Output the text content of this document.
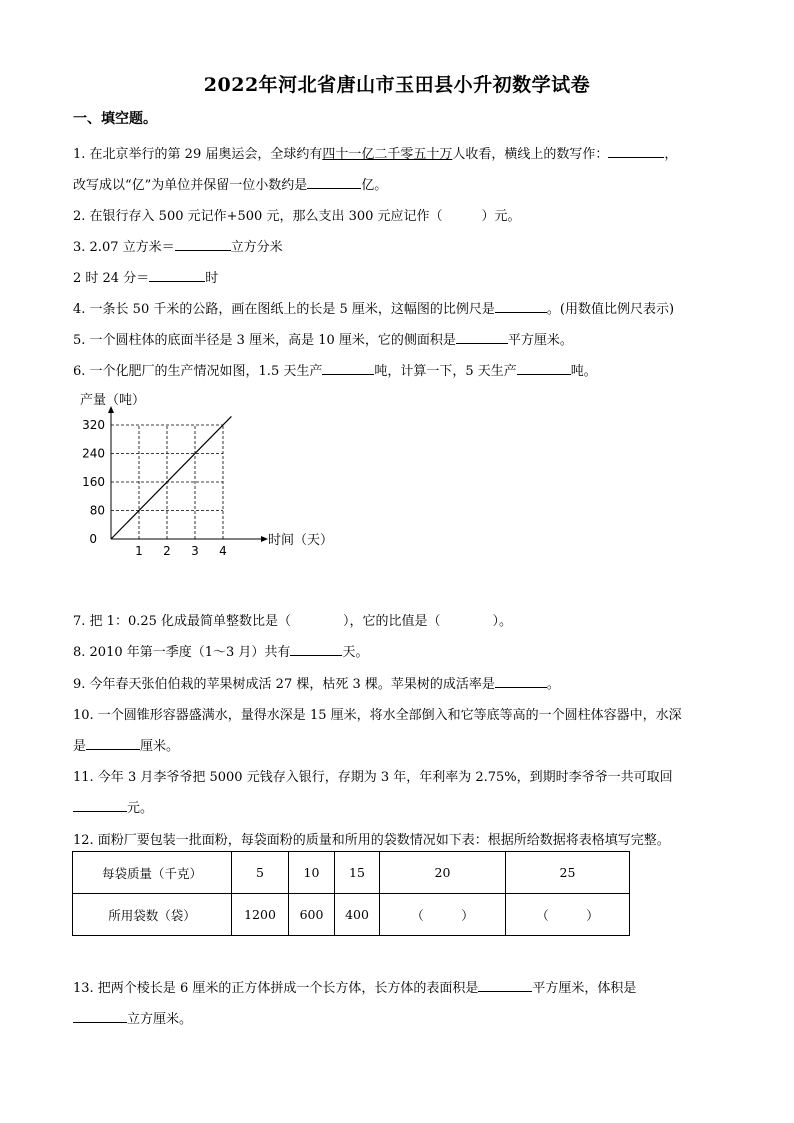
2022年河北省唐山市玉田县小升初数学试卷
一、填空题。
1. 在北京举行的第 29 届奥运会，全球约有四十一亿二千零五十万人收看，横线上的数写作：	，
改写成以“亿”为单位并保留一位小数约是	亿。
2. 在银行存入 500 元记作+500 元，那么支出 300 元应记作（　　　）元。
3. 2.07 立方米＝	立方分米
2 时 24 分＝	时
4. 一条长 50 千米的公路，画在图纸上的长是 5 厘米，这幅图的比例尺是	。(用数值比例尺表示)
5. 一个圆柱体的底面半径是 3 厘米，高是 10 厘米，它的侧面积是	平方厘米。
6. 一个化肥厂的生产情况如图，1.5 天生产	吨，计算一下，5 天生产	吨。
1 2 3 4
80
160
240
320
0
产量（吨）
时间（天）
7. 把 1：0.25 化成最简单整数比是（　　　　），它的比值是（　　　　）。
8. 2010 年第一季度（1～3 月）共有	天。
9. 今年春天张伯伯栽的苹果树成活 27 棵，枯死 3 棵。苹果树的成活率是	。
10. 一个圆锥形容器盛满水，量得水深是 15 厘米，将水全部倒入和它等底等高的一个圆柱体容器中，水深
是	厘米。
11. 今年 3 月李爷爷把 5000 元钱存入银行，存期为 3 年，年利率为 2.75%，到期时李爷爷一共可取回
元。
12. 面粉厂要包装一批面粉，每袋面粉的质量和所用的袋数情况如下表：根据所给数据将表格填写完整。
每袋质量（千克）	5	10	15	20	25
所用袋数（袋）	1200	600	400	（　　　）	（　　　）
13. 把两个棱长是 6 厘米的正方体拼成一个长方体，长方体的表面积是	平方厘米，体积是
立方厘米。
